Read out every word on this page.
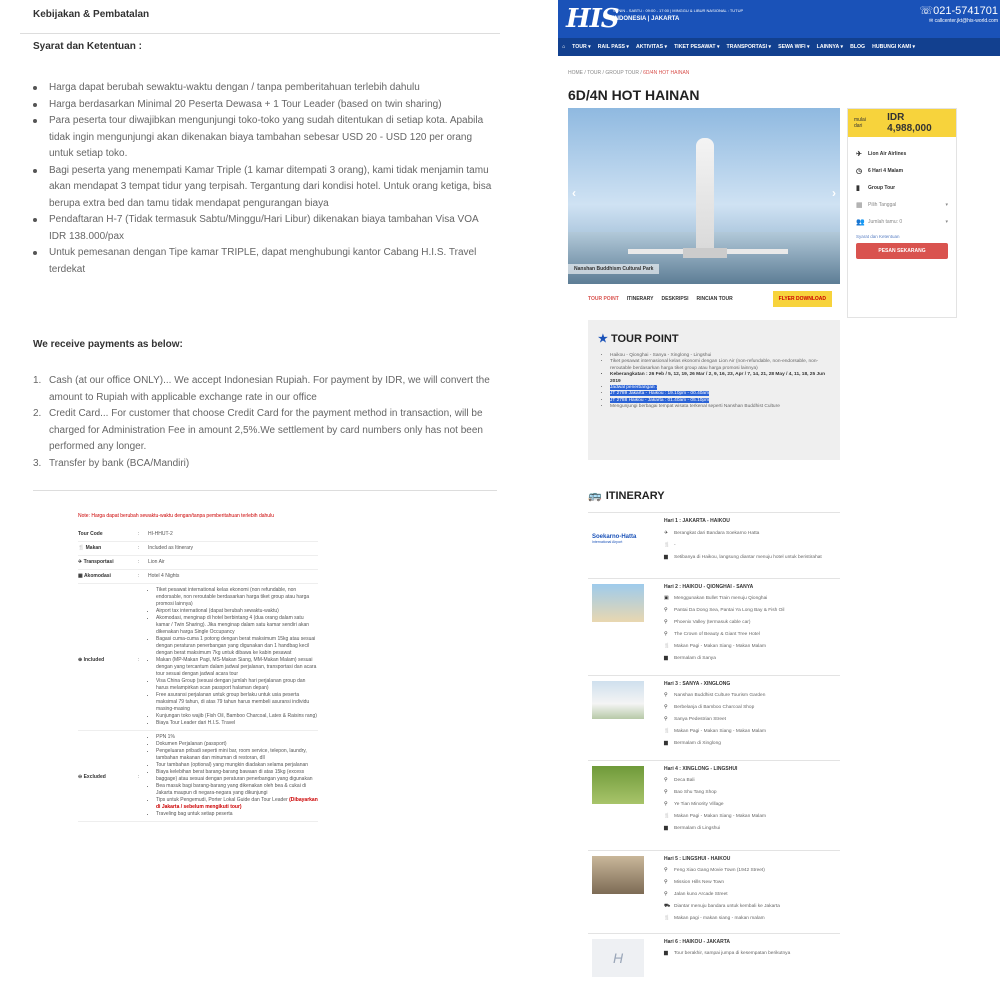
Kebijakan & Pembatalan
Syarat dan Ketentuan :
Harga dapat berubah sewaktu-waktu dengan / tanpa pemberitahuan terlebih dahulu
Harga berdasarkan Minimal 20 Peserta Dewasa + 1 Tour Leader (based on twin sharing)
Para peserta tour diwajibkan mengunjungi toko-toko yang sudah ditentukan di setiap kota. Apabila tidak ingin mengunjungi akan dikenakan biaya tambahan sebesar USD 20 - USD 120 per orang untuk setiap toko.
Bagi peserta yang menempati Kamar Triple (1 kamar ditempati 3 orang), kami tidak menjamin tamu akan mendapat 3 tempat tidur yang terpisah. Tergantung dari kondisi hotel. Untuk orang ketiga, bisa berupa extra bed dan tamu tidak mendapat pengurangan biaya
Pendaftaran H-7 (Tidak termasuk Sabtu/Minggu/Hari Libur) dikenakan biaya tambahan Visa VOA IDR 138.000/pax
Untuk pemesanan dengan Tipe kamar TRIPLE, dapat menghubungi kantor Cabang H.I.S. Travel terdekat
We receive payments as below:
1. Cash (at our office ONLY)... We accept Indonesian Rupiah. For payment by IDR, we will convert the amount to Rupiah with applicable exchange rate in our office
2. Credit Card... For customer that choose Credit Card for the payment method in transaction, will be charged for Administration Fee in amount 2,5%.We settlement by card numbers only has not been performed any longer.
3. Transfer by bank (BCA/Mandiri)
Note: Harga dapat berubah sewaktu-waktu dengan/tanpa pemberitahuan terlebih dahulu
Tour Code	:	HI-HHUT-2
🍴 Makan	:	Included as Itinerary
✈ Transportasi	:	Lion Air
▦ Akomodasi	:	Hotel 4 Nights
⊕ Included	:
• Tiket pesawat international kelas ekonomi (non refundable, non endorsable, non reroutable berdasarkan harga tiket group atau harga promosi lainnya)
• Airport tax international (dapat berubah sewaktu-waktu)
• Akomodasi, menginap di hotel berbintang 4 (dua orang dalam satu kamar / Twin Sharing). Jika menginap dalam satu kamar sendiri akan dikenakan harga Single Occupancy
• Bagasi cuma-cuma 1 potong dengan berat maksimum 15kg atau sesuai dengan peraturan penerbangan yang digunakan dan 1 handbag kecil dengan berat maksimum 7kg untuk dibawa ke kabin pesawat
• Makan (MP-Makan Pagi, MS-Makan Siang, MM-Makan Malam) sesuai dengan yang tercantum dalam jadwal perjalanan, transportasi dan acara tour sesuai dengan jadwal acara tour
• Visa China Group (sesuai dengan jumlah hari perjalanan group dan harus melampirkan scan passport halaman depan)
• Free asuransi perjalanan untuk group berlaku untuk usia peserta maksimal 79 tahun, di atas 79 tahun harus membeli asuransi individu masing-masing
• Kunjungan toko wajib (Fish Oil, Bamboo Charcoal, Latex & Raisins rang)
• Biaya Tour Leader dari H.I.S. Travel
⊖ Excluded	:
• PPN 1%
• Dokumen Perjalanan (passport)
• Pengeluaran pribadi seperti mini bar, room service, telepon, laundry, tambahan makanan dan minuman di restoran, dll
• Tour tambahan (optional) yang mungkin diadakan selama perjalanan
• Biaya kelebihan berat barang-barang bawaan di atas 15kg (excess baggage) atau sesuai dengan peraturan penerbangan yang digunakan
• Bea masuk bagi barang-barang yang dikenakan oleh bea & cukai di Jakarta maupun di negara-negara yang dikunjungi
• Tips untuk Pengemudi, Porter Lokal Guide dan Tour Leader (Dibayarkan di Jakarta / sebelum mengikuti tour)
• Traveling bag untuk setiap peserta
HIS
SENIN - SABTU : 09:00 - 17:00 | MINGGU & LIBUR NASIONAL : TUTUP
INDONESIA | JAKARTA
☏021-5741701
✉ callcenter.jkt@his-world.com
⌂ TOUR ▾ RAIL PASS ▾ AKTIVITAS ▾ TIKET PESAWAT ▾ TRANSPORTASI ▾ SEWA WIFI ▾ LAINNYA ▾ BLOG HUBUNGI KAMI ▾
HOME / TOUR / GROUP TOUR / 6D/4N HOT HAINAN
6D/4N HOT HAINAN
Nanshan Buddhism Cultural Park
‹	›
TOUR POINT ITINERARY DESKRIPSI RINCIAN TOUR	FLYER DOWNLOAD
mulai dari
IDR 4,988,000
✈	Lion Air Airlines
◷	6 Hari 4 Malam
▮	Group Tour
▦	Pilih Tanggal	▾
👥 Jumlah tamu: 0	▾
Syarat dan Ketentuan
PESAN SEKARANG
★ TOUR POINT
• Haikou - Qionghai - Sanya - Xinglong - Lingshui
• Tiket pesawat internasional kelas ekonomi dengan Lion Air (non-refundable, non-endorsable, non-reroutable berdasarkan harga tiket group atau harga promosi lainnya)
• Keberangkatan : 26 Feb / 5, 12, 19, 26 Mar / 2, 9, 16, 23, Apr / 7, 14, 21, 28 May / 4, 11, 18, 25 Jun 2019
• Jadwal penerbangan :
• JT 2789 Jakarta - Haikou : 19.10pm - 00.40am
• JT 2788 Haikou - Jakarta : 01.40am - 05.10pm
• Mengunjungi berbagai tempat wisata terkenal seperti Nanshan Buddhist Culture
🚌 ITINERARY
Soekarno-Hatta
International Airport
Hari 1 : JAKARTA - HAIKOU
✈ Berangkat dari Bandara Soekarno Hatta
🍴 -
▆ Setibanya di Haikou, langsung diantar menuju hotel untuk beristirahat
Hari 2 : HAIKOU - QIONGHAI - SANYA
▣ Menggunakan Bullet Train menuju Qionghai
⚲ Pantai Da Dong Sea, Pantai Ya Long Bay & Fish Oil
⚲ Phoenix Valley (termasuk cable car)
⚲ The Crown of Beauty & Giant Tree Hotel
🍴 Makan Pagi - Makan Siang - Makan Malam
▆ Bermalam di Sanya
Hari 3 : SANYA - XINGLONG
⚲ Nanshan Buddhist Culture Tourism Garden
⚲ Berbelanja di Bamboo Charcoal Shop
⚲ Sanya Pedestrian Street
🍴 Makan Pagi - Makan Siang - Makan Malam
▆ Bermalam di Xinglong
Hari 4 : XINGLONG - LINGSHUI
⚲ Deca Bali
⚲ Bao Shu Tang Shop
⚲ Ye Tian Minority Village
🍴 Makan Pagi - Makan Siang - Makan Malam
▆ Bermalam di Lingshui
Hari 5 : LINGSHUI - HAIKOU
⚲ Feng Xiao Gang Movie Town (1942 Street)
⚲ Mission Hills New Town
⚲ Jalan kuno Arcade Street
⛟ Diantar menuju bandara untuk kembali ke Jakarta
🍴 Makan pagi - makan siang - makan malam
H
Hari 6 : HAIKOU - JAKARTA
▆ Tour berakhir, sampai jumpa di kesempatan berikutnya
